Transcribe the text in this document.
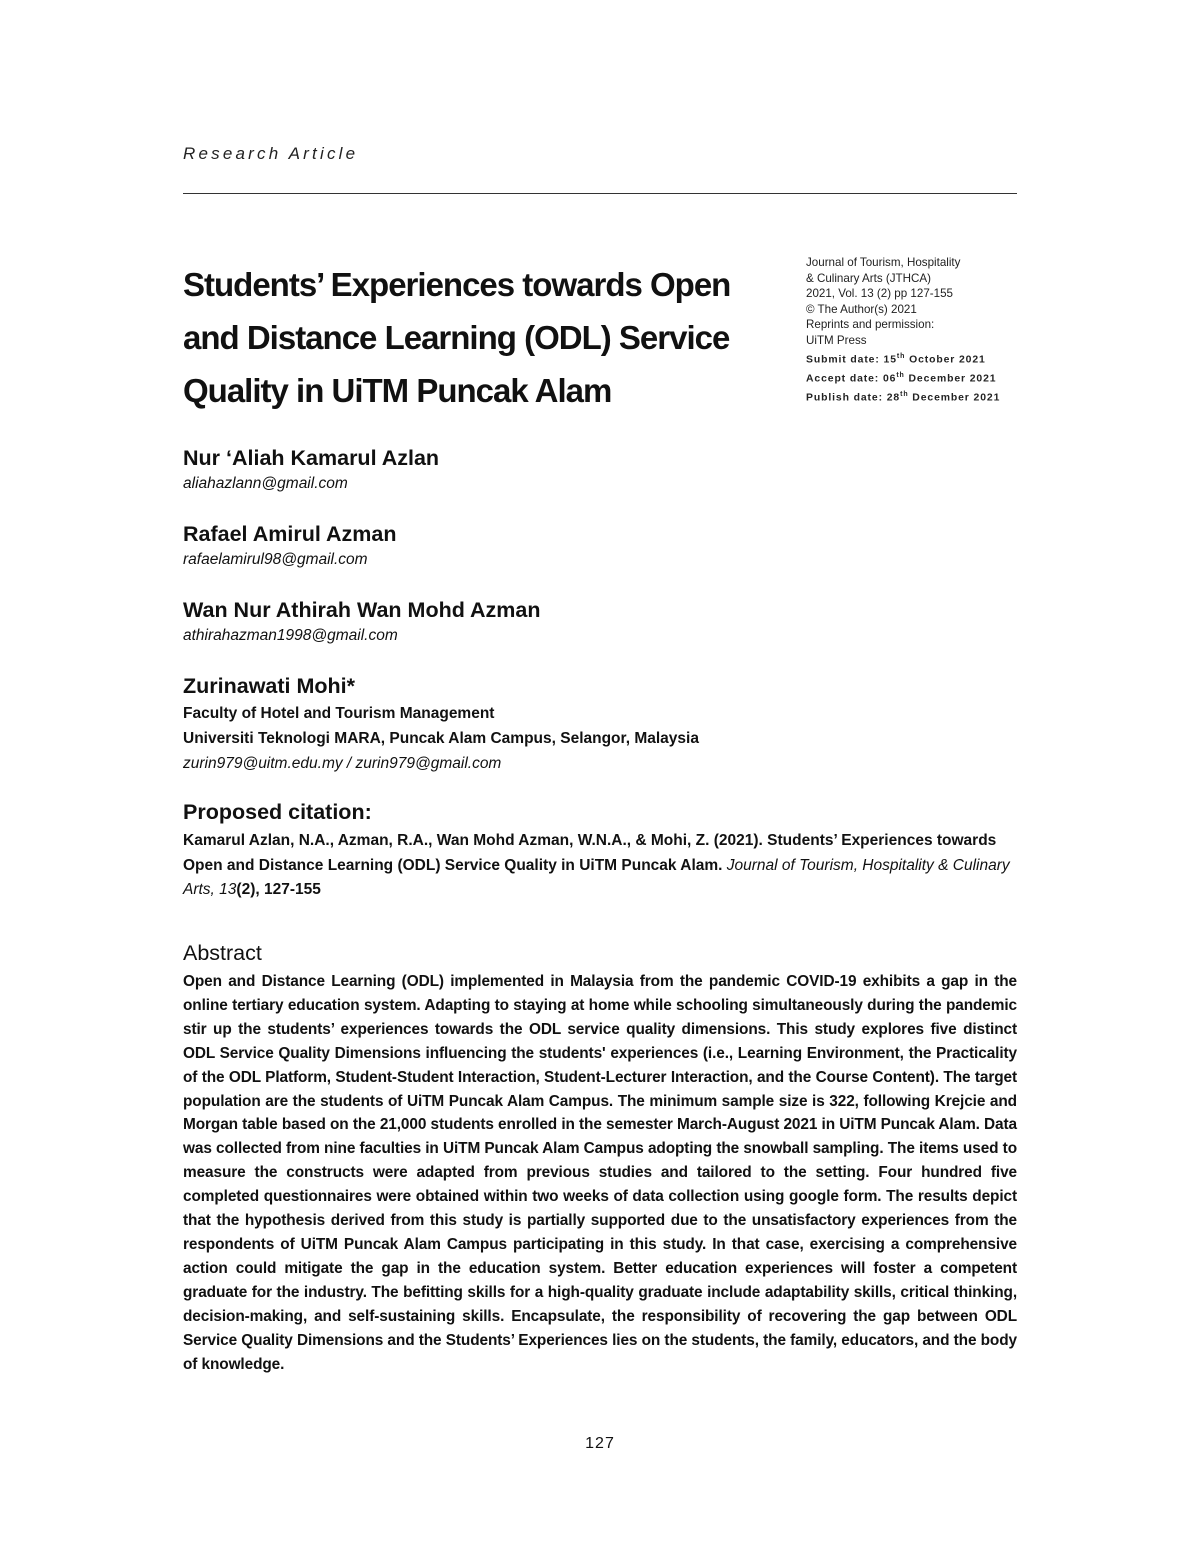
Research Article
Students’ Experiences towards Open and Distance Learning (ODL) Service Quality in UiTM Puncak Alam
Journal of Tourism, Hospitality
& Culinary Arts (JTHCA)
2021, Vol. 13 (2) pp 127-155
© The Author(s) 2021
Reprints and permission:
UiTM Press
Submit date: 15th October 2021
Accept date: 06th December 2021
Publish date: 28th December 2021
Nur ‘Aliah Kamarul Azlan
aliahazlann@gmail.com
Rafael Amirul Azman
rafaelamirul98@gmail.com
Wan Nur Athirah Wan Mohd Azman
athirahazman1998@gmail.com
Zurinawati Mohi*
Faculty of Hotel and Tourism Management
Universiti Teknologi MARA, Puncak Alam Campus, Selangor, Malaysia
zurin979@uitm.edu.my / zurin979@gmail.com
Proposed citation:
Kamarul Azlan, N.A., Azman, R.A., Wan Mohd Azman, W.N.A., & Mohi, Z. (2021). Students’ Experiences towards Open and Distance Learning (ODL) Service Quality in UiTM Puncak Alam. Journal of Tourism, Hospitality & Culinary Arts, 13(2), 127-155
Abstract
Open and Distance Learning (ODL) implemented in Malaysia from the pandemic COVID-19 exhibits a gap in the online tertiary education system. Adapting to staying at home while schooling simultaneously during the pandemic stir up the students’ experiences towards the ODL service quality dimensions. This study explores five distinct ODL Service Quality Dimensions influencing the students' experiences (i.e., Learning Environment, the Practicality of the ODL Platform, Student-Student Interaction, Student-Lecturer Interaction, and the Course Content). The target population are the students of UiTM Puncak Alam Campus. The minimum sample size is 322, following Krejcie and Morgan table based on the 21,000 students enrolled in the semester March-August 2021 in UiTM Puncak Alam. Data was collected from nine faculties in UiTM Puncak Alam Campus adopting the snowball sampling. The items used to measure the constructs were adapted from previous studies and tailored to the setting. Four hundred five completed questionnaires were obtained within two weeks of data collection using google form. The results depict that the hypothesis derived from this study is partially supported due to the unsatisfactory experiences from the respondents of UiTM Puncak Alam Campus participating in this study. In that case, exercising a comprehensive action could mitigate the gap in the education system. Better education experiences will foster a competent graduate for the industry. The befitting skills for a high-quality graduate include adaptability skills, critical thinking, decision-making, and self-sustaining skills. Encapsulate, the responsibility of recovering the gap between ODL Service Quality Dimensions and the Students’ Experiences lies on the students, the family, educators, and the body of knowledge.
127
